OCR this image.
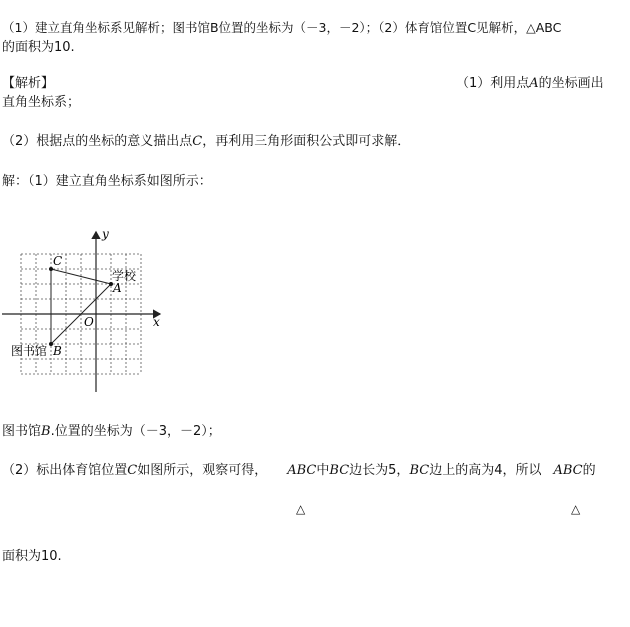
（1）建立直角坐标系见解析；图书馆B位置的坐标为（－3，－2）；（2）体育馆位置C见解析，△ABC
的面积为10.
【解析】	（1）利用点A的坐标画出
直角坐标系；
（2）根据点的坐标的意义描出点C，再利用三角形面积公式即可求解．
解：（1）建立直角坐标系如图所示：
y
x
O
C
A
B
学校
图书馆
图书馆B.位置的坐标为（－3，－2）；
（2）标出体育馆位置C如图所示，观察可得， ABC中BC边长为5，BC边上的高为4，所以 ABC的
△	△
面积为10.
